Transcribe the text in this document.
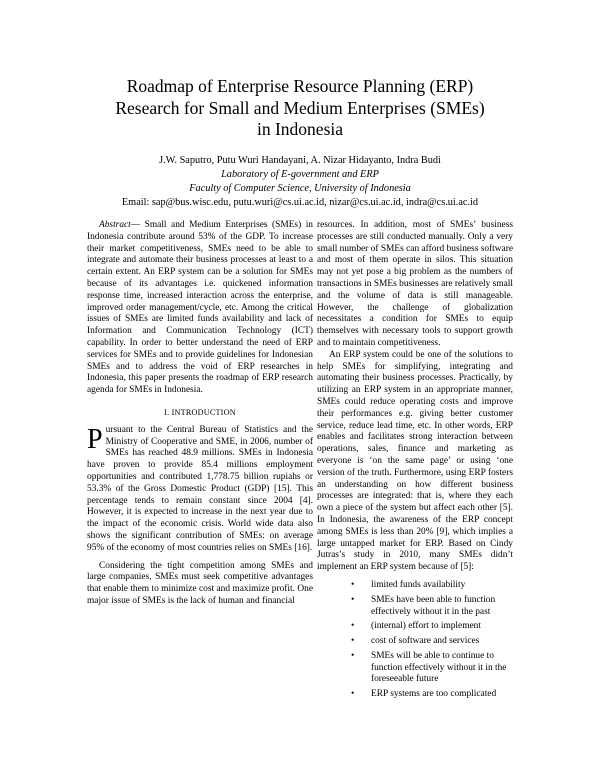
Roadmap of Enterprise Resource Planning (ERP)
Research for Small and Medium Enterprises (SMEs)
in Indonesia
J.W. Saputro, Putu Wuri Handayani, A. Nizar Hidayanto, Indra Budi
Laboratory of E-government and ERP
Faculty of Computer Science, University of Indonesia
Email: sap@bus.wisc.edu, putu.wuri@cs.ui.ac.id, nizar@cs.ui.ac.id, indra@cs.ui.ac.id

Abstract— Small and Medium Enterprises (SMEs) in Indonesia contribute around 53% of the GDP. To increase their market competitiveness, SMEs need to be able to integrate and automate their business processes at least to a certain extent. An ERP system can be a solution for SMEs because of its advantages i.e. quickened information response time, increased interaction across the enterprise, improved order management/cycle, etc. Among the critical issues of SMEs are limited funds availability and lack of Information and Communication Technology (ICT) capability. In order to better understand the need of ERP services for SMEs and to provide guidelines for Indonesian SMEs and to address the void of ERP researches in Indonesia, this paper presents the roadmap of ERP research agenda for SMEs in Indonesia.

I. INTRODUCTION

Pursuant to the Central Bureau of Statistics and the Ministry of Cooperative and SME, in 2006, number of SMEs has reached 48.9 millions. SMEs in Indonesia have proven to provide 85.4 millions employment opportunities and contributed 1,778.75 billion rupiahs or 53.3% of the Gross Domestic Product (GDP) [15]. This percentage tends to remain constant since 2004 [4]. However, it is expected to increase in the next year due to the impact of the economic crisis. World wide data also shows the significant contribution of SMEs: on average 95% of the economy of most countries relies on SMEs [16].

Considering the tight competition among SMEs and large companies, SMEs must seek competitive advantages that enable them to minimize cost and maximize profit. One major issue of SMEs is the lack of human and financial

resources. In addition, most of SMEs’ business processes are still conducted manually. Only a very small number of SMEs can afford business software and most of them operate in silos. This situation may not yet pose a big problem as the numbers of transactions in SMEs businesses are relatively small and the volume of data is still manageable. However, the challenge of globalization necessitates a condition for SMEs to equip themselves with necessary tools to support growth and to maintain competitiveness.

An ERP system could be one of the solutions to help SMEs for simplifying, integrating and automating their business processes. Practically, by utilizing an ERP system in an appropriate manner, SMEs could reduce operating costs and improve their performances e.g. giving better customer service, reduce lead time, etc. In other words, ERP enables and facilitates strong interaction between operations, sales, finance and marketing as everyone is ‘on the same page’ or using ‘one version of the truth. Furthermore, using ERP fosters an understanding on how different business processes are integrated: that is, where they each own a piece of the system but affect each other [5]. In Indonesia, the awareness of the ERP concept among SMEs is less than 20% [9], which implies a large untapped market for ERP. Based on Cindy Jutras’s study in 2010, many SMEs didn’t implement an ERP system because of [5]:

• limited funds availability
• SMEs have been able to function effectively without it in the past
• (internal) effort to implement
• cost of software and services
• SMEs will be able to continue to function effectively without it in the foreseeable future
• ERP systems are too complicated
